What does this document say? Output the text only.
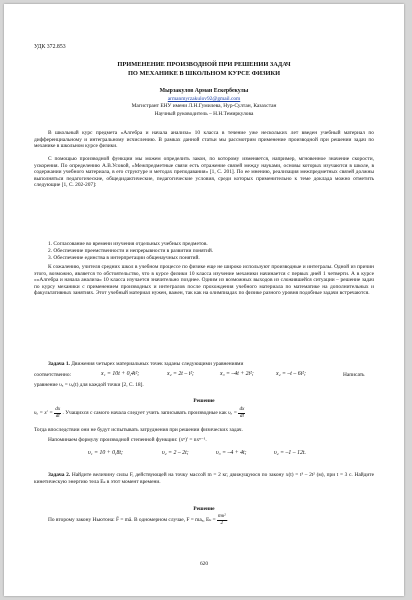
УДК 372.853

ПРИМЕНЕНИЕ ПРОИЗВОДНОЙ ПРИ РЕШЕНИИ ЗАДАЧ

ПО МЕХАНИКЕ В ШКОЛЬНОМ КУРСЕ ФИЗИКИ

Мырзакулов Арман Ескербекулы

armanmyrzakulov92@gmail.com

Магистрант ЕНУ имени Л.Н.Гумилева, Нур-Султан, Казахстан

Научный руководитель – Н.Н.Темиркулова

В школьный курс предмета «Алгебра и начала анализа» 10 класса в течение уже нескольких лет введен учебный материал по дифференциальному и интегральному исчислению. В рамках данной статьи мы рассмотрим применение производной при решении задач по механике в школьном курсе физики.

С помощью производной функции мы можем определить закон, по которому изменяется, например, мгновенное значение скорости, ускорения. По определению А.В.Усовой, «Межпредметные связи есть отражение связей между науками, основы которых изучаются в школе, в содержании учебного материала, в его структуре и методах преподавания» [1, С. 201]. По ее мнению, реализация межпредметных связей должны выполняться педагогические, общедидактические, педагогические условия, среди которых применительно к теме доклада можно отметить следующие [1, С. 202-207]:

1. Согласование во времени изучения отдельных учебных предметов.

2. Обеспечение преемственности и непрерывности в развитии понятий.

3. Обеспечение единства в интерпретации общенаучных понятий.

К сожалению, учителя средних школ в учебном процессе по физике еще не широко используют производные и интегралы. Одной из причин этого, возможно, является то обстоятельство, что в курсе физики 10 класса изучение механики начинается с первых дней 1 четверти. А в курсе ««Алгебра и начала анализа» 10 класса изучается значительно позднее. Одним из возможных выходов из сложившейся ситуации – решение задач по курсу механики с применением производных и интегралов после прохождения учебного материала по математике на дополнительных и факультативных занятиях. Этот учебный материал нужен, важен, так как на олимпиадах по физике разного уровня подобные задачи встречаются.

Задача 1. Движения четырех материальных точек заданы следующими уравнениями

соответственно:	x₁ = 10t + 0,4t²;	x₂ = 2t – t²;	x₃ = –4t + 2t²;	x₄ = –t – 6t²;	Написать

уравнение υₓ = υₓ(t) для каждой точки [2, С. 18].

Решение

$\upsilon_x = x' = \frac{dx}{dt}$ . Учащихся с самого начала следует учить записывать производные как $\upsilon_x = \frac{dx}{dt}$

Тогда впоследствии они не будут испытывать затруднения при решении физических задач.

Напоминаем формулу производной степенной функции: (xⁿ)′ = nxⁿ⁻¹.

υ₁ = 10 + 0,8t;	υ₂ = 2 – 2t;	υ₃ = –4 + 4t;	υ₄ = –1 – 12t.

Задача 2. Найдите величину силы F, действующей на точку массой m = 2 кг, движущуюся по закону x(t) = t³ – 2t² (м), при t = 3 с. Найдите кинетическую энергию тела Eₖ в этот момент времени.

Решение

По второму закону Ньютона: F̄ = mā. В одномерном случае, F = maₓ, $E_k = \frac{\text{mυ²}}{2}$ .

620
